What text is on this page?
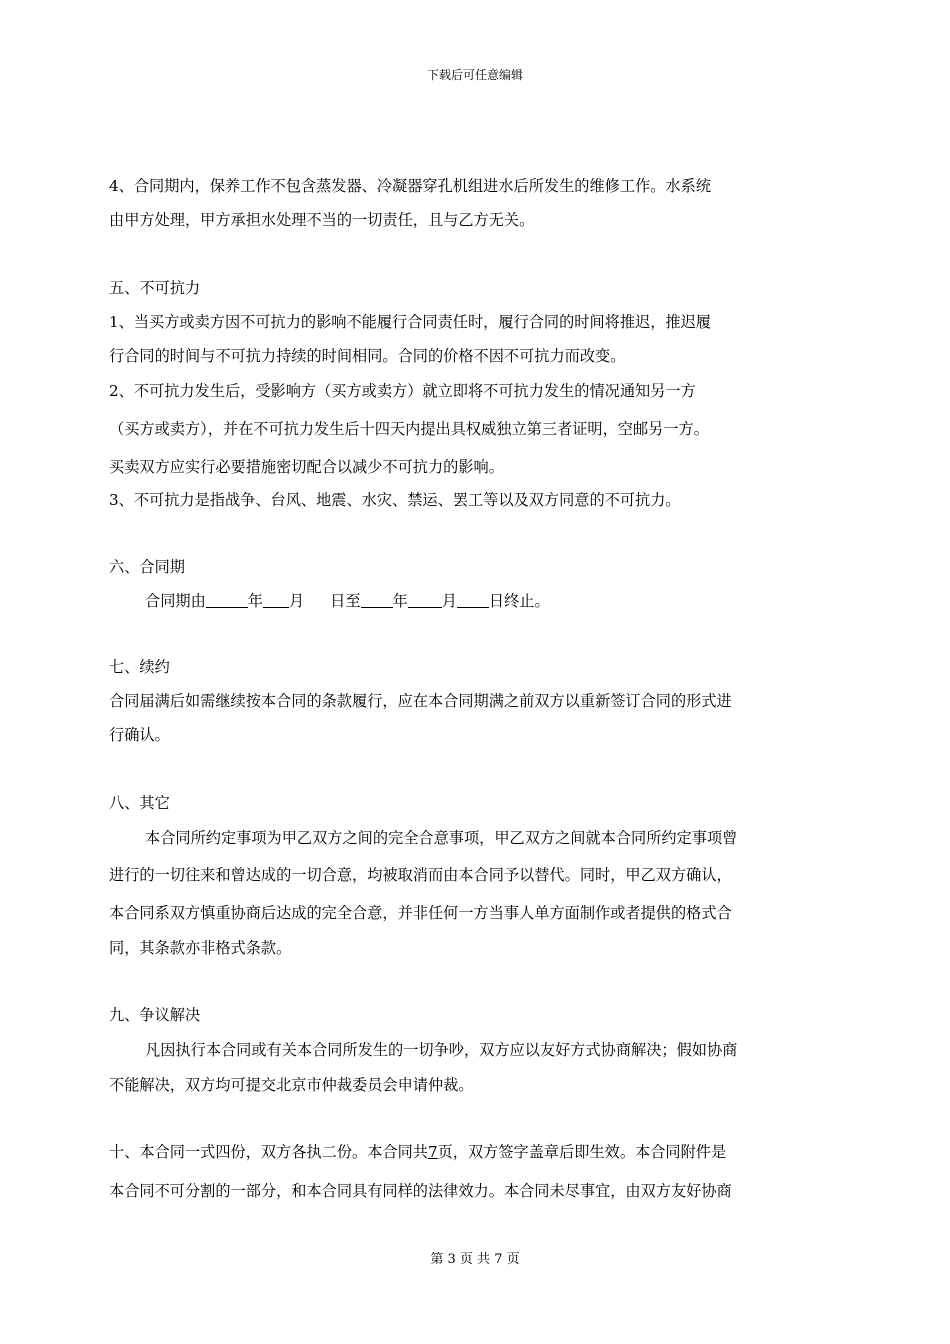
下载后可任意编辑
4、合同期内，保养工作不包含蒸发器、冷凝器穿孔机组进水后所发生的维修工作。水系统
由甲方处理，甲方承担水处理不当的一切责任，且与乙方无关。
五、不可抗力
1、当买方或卖方因不可抗力的影响不能履行合同责任时，履行合同的时间将推迟，推迟履
行合同的时间与不可抗力持续的时间相同。合同的价格不因不可抗力而改变。
2、不可抗力发生后，受影响方（买方或卖方）就立即将不可抗力发生的情况通知另一方
（买方或卖方），并在不可抗力发生后十四天内提出具权威独立第三者证明，空邮另一方。
买卖双方应实行必要措施密切配合以减少不可抗力的影响。
3、不可抗力是指战争、台风、地震、水灾、禁运、罢工等以及双方同意的不可抗力。
六、合同期
合同期由	年 月 日至 年 月 日终止。
七、续约
合同届满后如需继续按本合同的条款履行，应在本合同期满之前双方以重新签订合同的形式进
行确认。
八、其它
本合同所约定事项为甲乙双方之间的完全合意事项，甲乙双方之间就本合同所约定事项曾
进行的一切往来和曾达成的一切合意，均被取消而由本合同予以替代。同时，甲乙双方确认，
本合同系双方慎重协商后达成的完全合意，并非任何一方当事人单方面制作或者提供的格式合
同，其条款亦非格式条款。
九、争议解决
凡因执行本合同或有关本合同所发生的一切争吵，双方应以友好方式协商解决；假如协商
不能解决，双方均可提交北京市仲裁委员会申请仲裁。
十、本合同一式四份，双方各执二份。本合同共7页，双方签字盖章后即生效。本合同附件是
本合同不可分割的一部分，和本合同具有同样的法律效力。本合同未尽事宜，由双方友好协商
第 3 页 共 7 页
